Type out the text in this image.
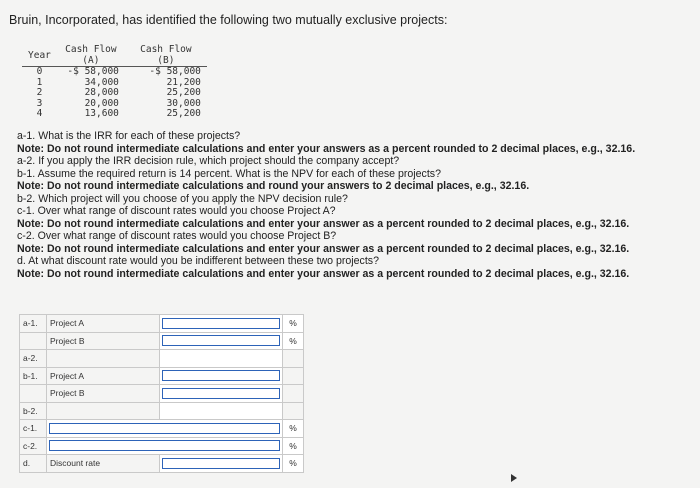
Bruin, Incorporated, has identified the following two mutually exclusive projects:
Year	Cash Flow (A)	Cash Flow (B)
0	-$ 58,000	-$ 58,000
1	34,000	21,200
2	28,000	25,200
3	20,000	30,000
4	13,600	25,200
a-1. What is the IRR for each of these projects?
Note: Do not round intermediate calculations and enter your answers as a percent rounded to 2 decimal places, e.g., 32.16.
a-2. If you apply the IRR decision rule, which project should the company accept?
b-1. Assume the required return is 14 percent. What is the NPV for each of these projects?
Note: Do not round intermediate calculations and round your answers to 2 decimal places, e.g., 32.16.
b-2. Which project will you choose of you apply the NPV decision rule?
c-1. Over what range of discount rates would you choose Project A?
Note: Do not round intermediate calculations and enter your answer as a percent rounded to 2 decimal places, e.g., 32.16.
c-2. Over what range of discount rates would you choose Project B?
Note: Do not round intermediate calculations and enter your answer as a percent rounded to 2 decimal places, e.g., 32.16.
d. At what discount rate would you be indifferent between these two projects?
Note: Do not round intermediate calculations and enter your answer as a percent rounded to 2 decimal places, e.g., 32.16.
a-1.	Project A		%
	Project B		%
a-2.			
b-1.	Project A	

	Project B	

b-2.			
c-1.			%
c-2.			%
d.	Discount rate		%
